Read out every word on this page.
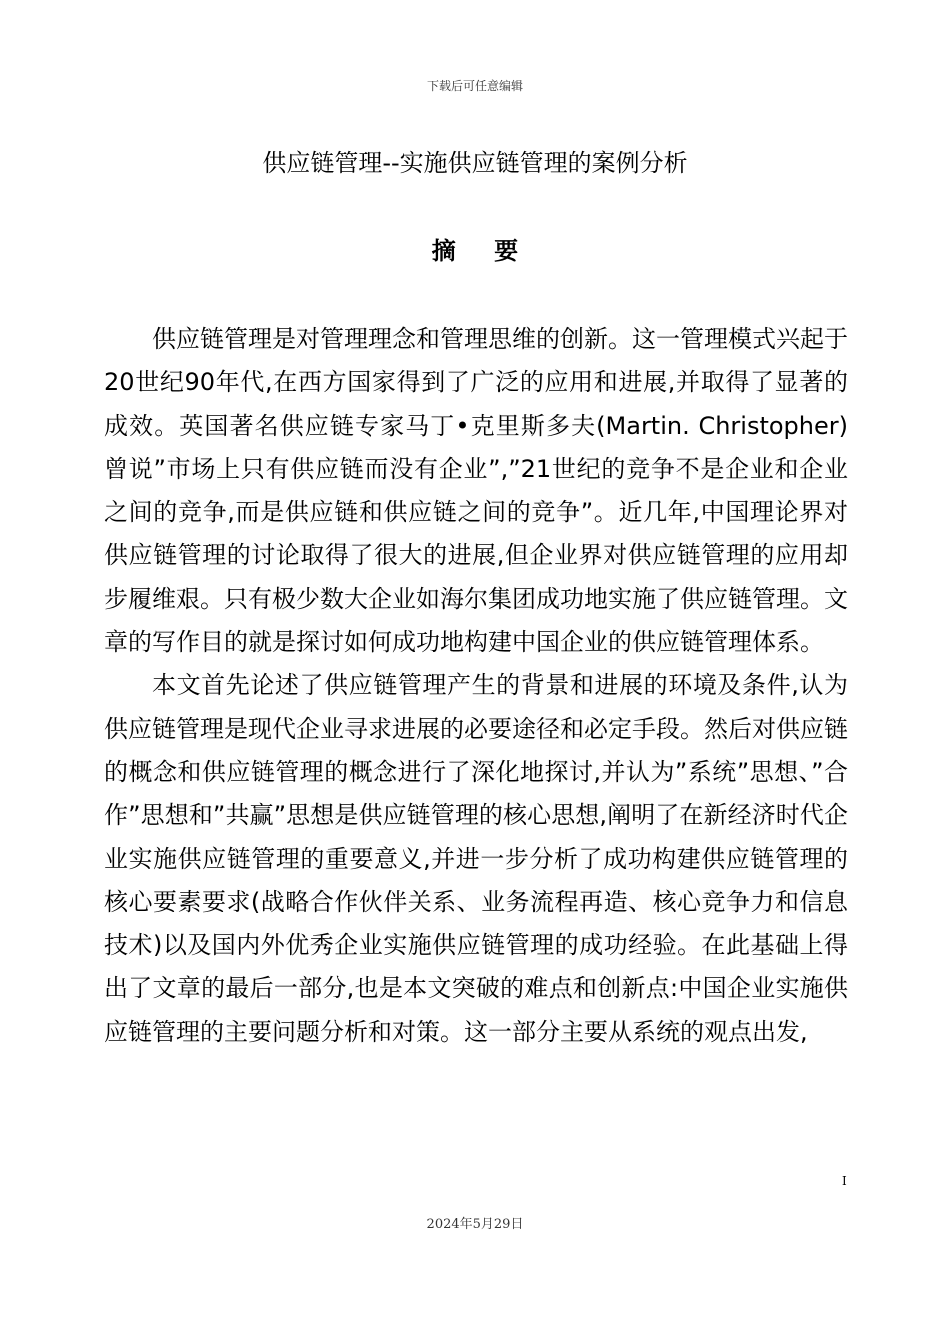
下载后可任意编辑
供应链管理--实施供应链管理的案例分析
摘要

供应链管理是对管理理念和管理思维的创新。这一管理模式兴起于20世纪90年代,在西方国家得到了广泛的应用和进展,并取得了显著的成效。英国著名供应链专家马丁•克里斯多夫(Martin. Christopher)曾说”市场上只有供应链而没有企业”,”21世纪的竞争不是企业和企业之间的竞争,而是供应链和供应链之间的竞争”。近几年,中国理论界对供应链管理的讨论取得了很大的进展,但企业界对供应链管理的应用却步履维艰。只有极少数大企业如海尔集团成功地实施了供应链管理。文章的写作目的就是探讨如何成功地构建中国企业的供应链管理体系。

本文首先论述了供应链管理产生的背景和进展的环境及条件,认为供应链管理是现代企业寻求进展的必要途径和必定手段。然后对供应链的概念和供应链管理的概念进行了深化地探讨,并认为”系统”思想、”合作”思想和”共赢”思想是供应链管理的核心思想,阐明了在新经济时代企业实施供应链管理的重要意义,并进一步分析了成功构建供应链管理的核心要素要求(战略合作伙伴关系、业务流程再造、核心竞争力和信息技术)以及国内外优秀企业实施供应链管理的成功经验。在此基础上得出了文章的最后一部分,也是本文突破的难点和创新点:中国企业实施供应链管理的主要问题分析和对策。这一部分主要从系统的观点出发,

I
2024年5月29日
